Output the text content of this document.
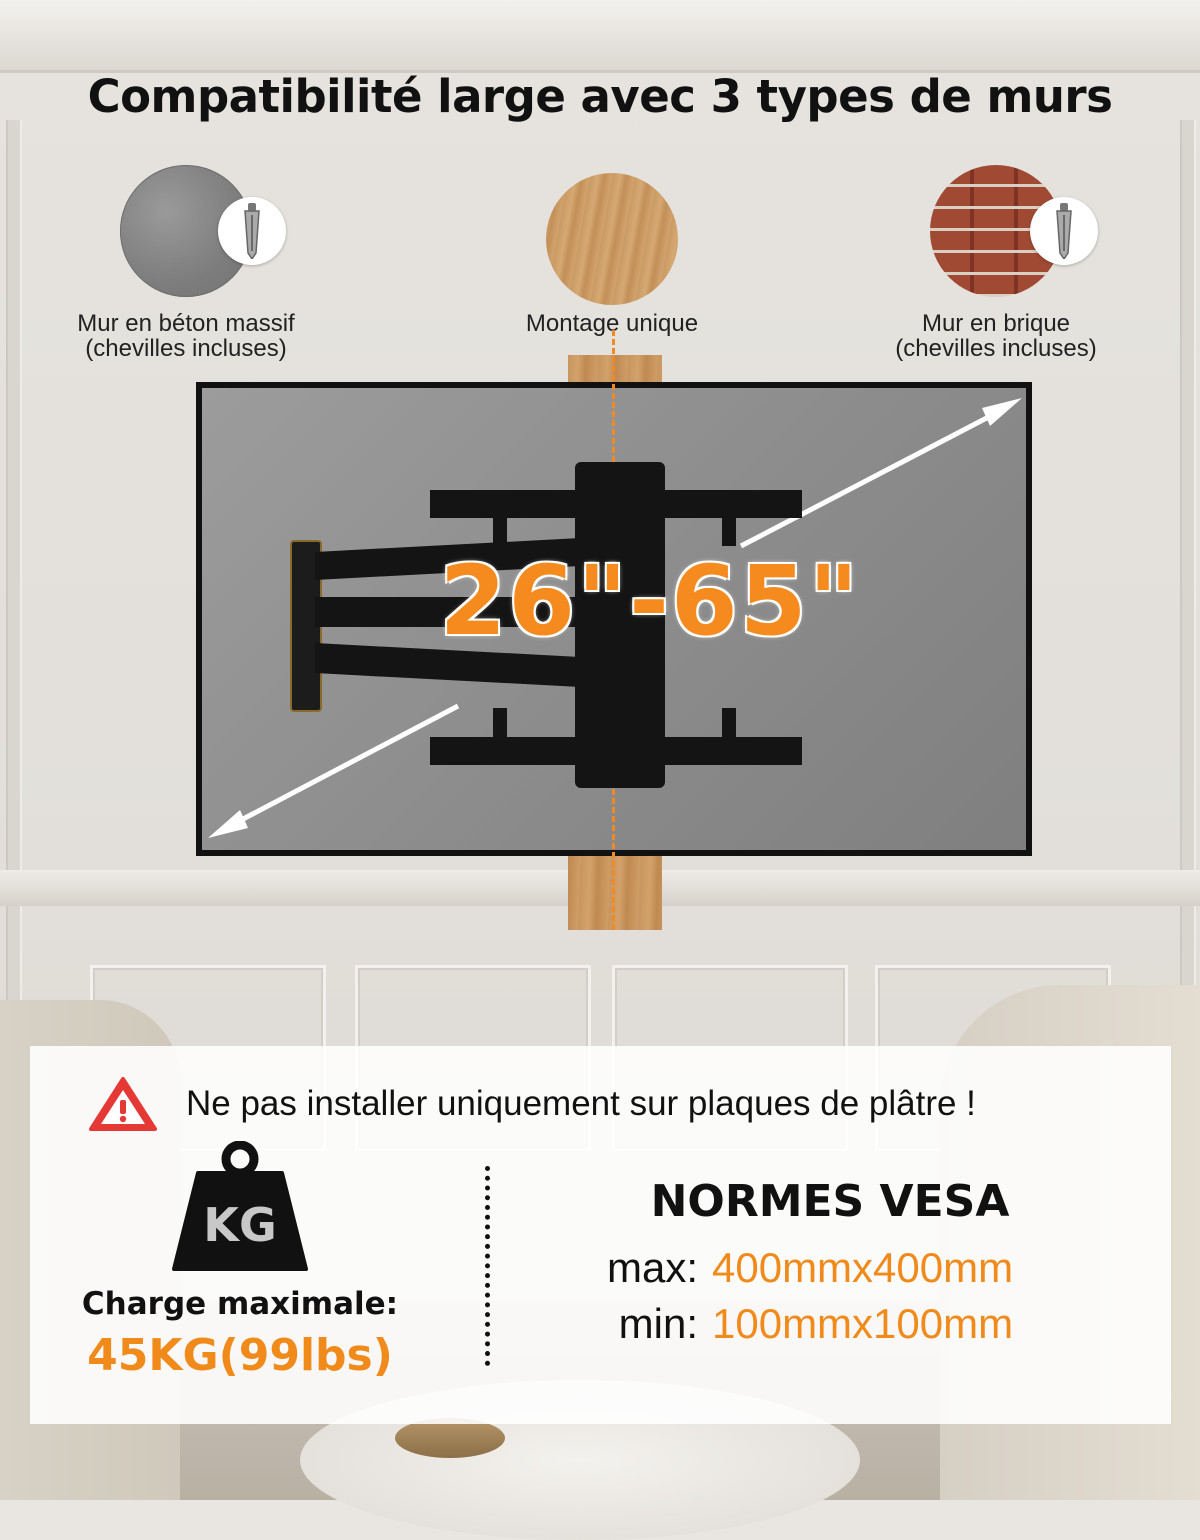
Compatibilité large avec 3 types de murs
Mur en béton massif
(chevilles incluses)
Montage unique	Mur en brique
(chevilles incluses)
26"-65"
Ne pas installer uniquement sur plaques de plâtre !
KG
Charge maximale:
45KG(99lbs)
NORMES VESA
max: 400mmx400mm
min: 100mmx100mm
